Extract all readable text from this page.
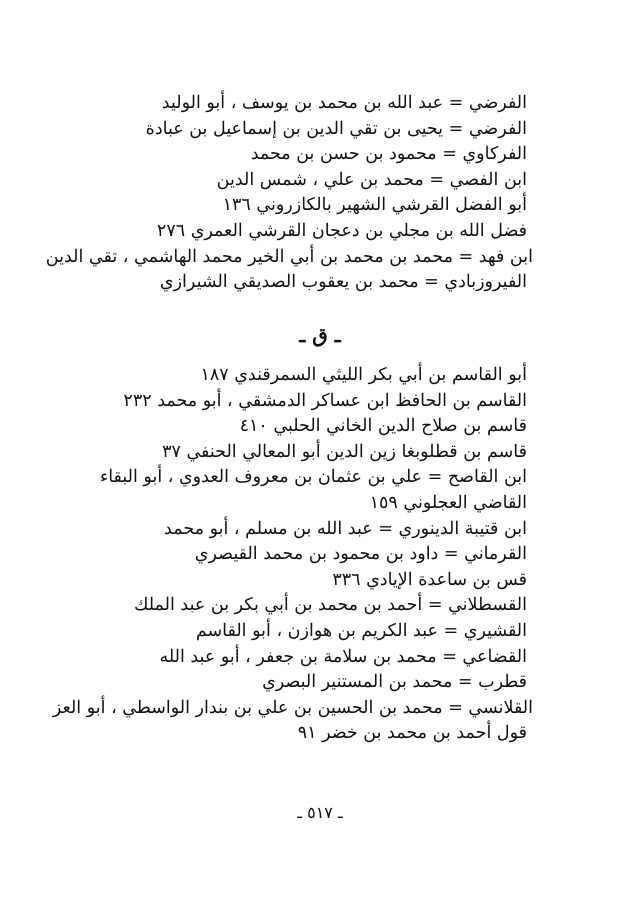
الفرضي = عبد الله بن محمد بن يوسف ، أبو الوليد
الفرضي = يحيى بن تقي الدين بن إسماعيل بن عبادة
الفركاوي = محمود بن حسن بن محمد
ابن الفصي = محمد بن علي ، شمس الدين
أبو الفضل القرشي الشهير بالكازروني ١٣٦
فضل الله بن مجلي بن دعجان القرشي العمري ٢٧٦
ابن فهد = محمد بن محمد بن أبي الخير محمد الهاشمي ، تقي الدين
الفيروزبادي = محمد بن يعقوب الصديقي الشيرازي
ـ ق ـ
أبو القاسم بن أبي بكر الليثي السمرقندي ١٨٧
القاسم بن الحافظ ابن عساكر الدمشقي ، أبو محمد ٢٣٢
قاسم بن صلاح الدين الخاني الحلبي ٤١٠
قاسم بن قطلوبغا زين الدين أبو المعالي الحنفي ٣٧
ابن القاصح = علي بن عثمان بن معروف العدوي ، أبو البقاء
القاضي العجلوني ١٥٩
ابن قتيبة الدينوري = عبد الله بن مسلم ، أبو محمد
القرماني = داود بن محمود بن محمد القيصري
قس بن ساعدة الإيادي ٣٣٦
القسطلاني = أحمد بن محمد بن أبي بكر بن عبد الملك
القشيري = عبد الكريم بن هوازن ، أبو القاسم
القضاعي = محمد بن سلامة بن جعفر ، أبو عبد الله
قطرب = محمد بن المستنير البصري
القلانسي = محمد بن الحسين بن علي بن بندار الواسطي ، أبو العز
قول أحمد بن محمد بن خضر ٩١
ـ ٥١٧ ـ
